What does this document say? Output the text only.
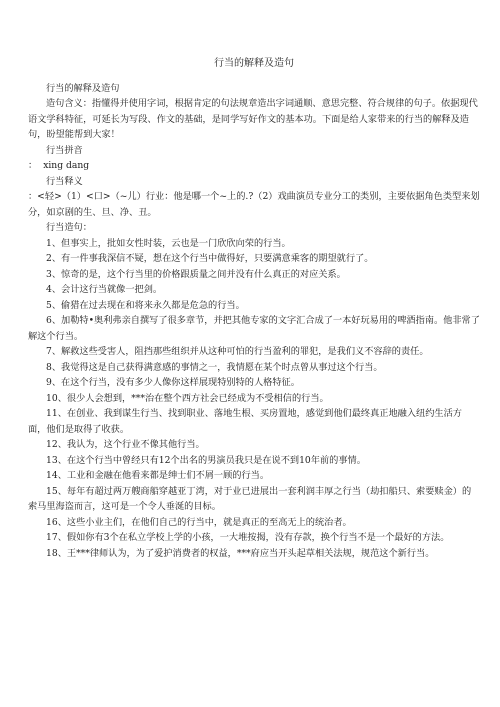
行当的解释及造句

行当的解释及造句

造句含义：指懂得并使用字词，根据肯定的句法规章造出字词通顺、意思完整、符合规律的句子。依据现代语文学科特征，可延长为写段、作文的基础，是同学写好作文的基本功。下面是给人家带来的行当的解释及造句，盼望能帮到大家！

行当拼音

： xing dang

行当释义

：<轻>（1）<口>（~儿）行业：他是哪一个~上的.?（2）戏曲演员专业分工的类别，主要依据角色类型来划分，如京剧的生、旦、净、丑。

行当造句：

1、但事实上，批如女性时装，云也是一门欣欣向荣的行当。

2、有一件事我深信不疑，想在这个行当中做得好，只要满意乘客的期望就行了。

3、惊奇的是，这个行当里的价格跟质量之间并没有什么真正的对应关系。

4、会计这行当就像一把剑。

5、偷猎在过去现在和将来永久都是危急的行当。

6、加勒特•奥利弗亲自撰写了很多章节，并把其他专家的文字汇合成了一本好玩易用的啤酒指南。他非常了解这个行当。

7、解救这些受害人，阻挡那些组织并从这种可怕的行当盈利的罪犯，是我们义不容辞的责任。

8、我觉得这是自己获得满意感的事情之一，我情愿在某个时点曾从事过这个行当。

9、在这个行当，没有多少人像你这样展现特别特的人格特征。

10、很少人会想到，***治在整个西方社会已经成为不受相信的行当。

11、在创业、我到谋生行当、找到职业、落地生根、买房置地，感觉到他们最终真正地融入纽约生活方面，他们是取得了收获。

12、我认为，这个行业不像其他行当。

13、在这个行当中曾经只有12个出名的男演员我只是在说不到10年前的事情。

14、工业和金融在他看来都是绅士们不屑一顾的行当。

15、每年有超过两万艘商船穿越亚丁湾，对于业已进展出一套利润丰厚之行当（劫扣船只、索要赎金）的索马里海盗而言，这可是一个令人垂涎的目标。

16、这些小业主们，在他们自己的行当中，就是真正的至高无上的统治者。

17、假如你有3个在私立学校上学的小孩，一大堆按揭，没有存款，换个行当不是一个最好的方法。

18、王***律师认为，为了爱护消费者的权益，***府应当开头起草相关法规，规范这个新行当。
